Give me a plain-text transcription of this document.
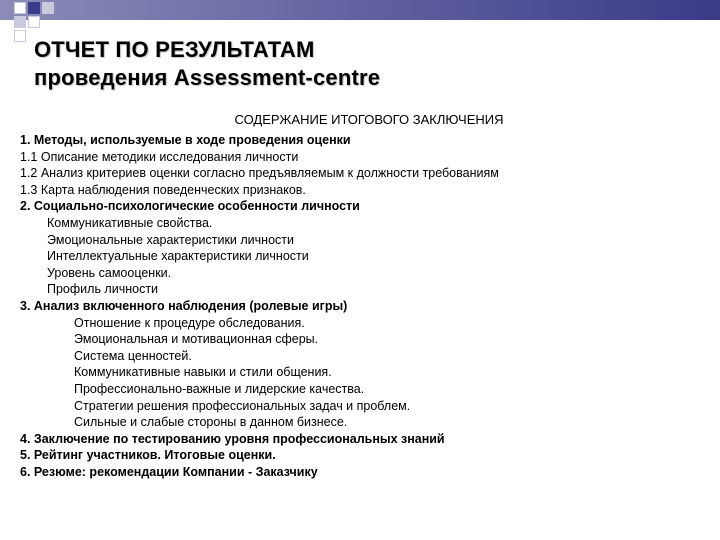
ОТЧЕТ ПО РЕЗУЛЬТАТАМ
проведения Assessment-centre

СОДЕРЖАНИЕ ИТОГОВОГО ЗАКЛЮЧЕНИЯ

1. Методы, используемые в ходе проведения оценки

1.1 Описание методики исследования личности

1.2 Анализ критериев оценки согласно предъявляемым к должности требованиям

1.3 Карта наблюдения поведенческих признаков.

2. Социально-психологические особенности личности

Коммуникативные свойства.

Эмоциональные характеристики личности

Интеллектуальные характеристики личности

Уровень самооценки.

Профиль личности

3. Анализ включенного наблюдения (ролевые игры)

Отношение к процедуре обследования.

Эмоциональная и мотивационная сферы.

Система ценностей.

Коммуникативные навыки и стили общения.

Профессионально-важные и лидерские качества.

Стратегии решения профессиональных задач и проблем.

Сильные и слабые стороны в данном бизнесе.

4. Заключение по тестированию уровня профессиональных знаний

5. Рейтинг участников. Итоговые оценки.

6. Резюме: рекомендации Компании - Заказчику
